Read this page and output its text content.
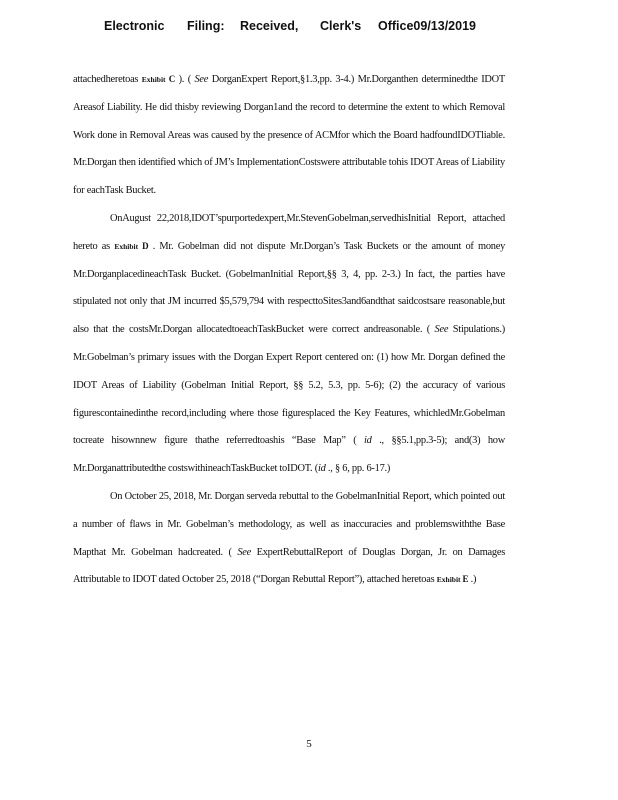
Electronic Filing: Received, Clerk's Office09/13/2019

attachedheretoas Exhibit C ). ( See DorganExpert Report,§1.3,pp. 3-4.) Mr.Dorganthen determinedthe IDOT Areasof Liability. He did thisby reviewing Dorgan1and the record to determine the extent to which Removal Work done in Removal Areas was caused by the presence of ACMfor which the Board hadfoundIDOTliable. Mr.Dorgan then identified which of JM’s ImplementationCostswere attributable tohis IDOT Areas of Liability for eachTask Bucket.

OnAugust 22,2018,IDOT’spurportedexpert,Mr.StevenGobelman,servedhisInitial Report, attached hereto as Exhibit D . Mr. Gobelman did not dispute Mr.Dorgan’s Task Buckets or the amount of money Mr.DorganplacedineachTask Bucket. (GobelmanInitial Report,§§ 3, 4, pp. 2-3.) In fact, the parties have stipulated not only that JM incurred $5,579,794 with respecttoSites3and6andthat saidcostsare reasonable,but also that the costsMr.Dorgan allocatedtoeachTaskBucket were correct andreasonable. ( See Stipulations.) Mr.Gobelman’s primary issues with the Dorgan Expert Report centered on: (1) how Mr. Dorgan defined the IDOT Areas of Liability (Gobelman Initial Report, §§ 5.2, 5.3, pp. 5-6); (2) the accuracy of various figurescontainedinthe record,including where those figuresplaced the Key Features, whichledMr.Gobelman tocreate hisownnew figure thathe referredtoashis “Base Map” ( id ., §§5.1,pp.3-5); and(3) how Mr.Dorganattributedthe costswithineachTaskBucket toIDOT. (id ., § 6, pp. 6-17.)

On October 25, 2018, Mr. Dorgan serveda rebuttal to the GobelmanInitial Report, which pointed out a number of flaws in Mr. Gobelman’s methodology, as well as inaccuracies and problemswiththe Base Mapthat Mr. Gobelman hadcreated. ( See ExpertRebuttalReport of Douglas Dorgan, Jr. on Damages Attributable to IDOT dated October 25, 2018 (“Dorgan Rebuttal Report”), attached heretoas Exhibit E .)

5
